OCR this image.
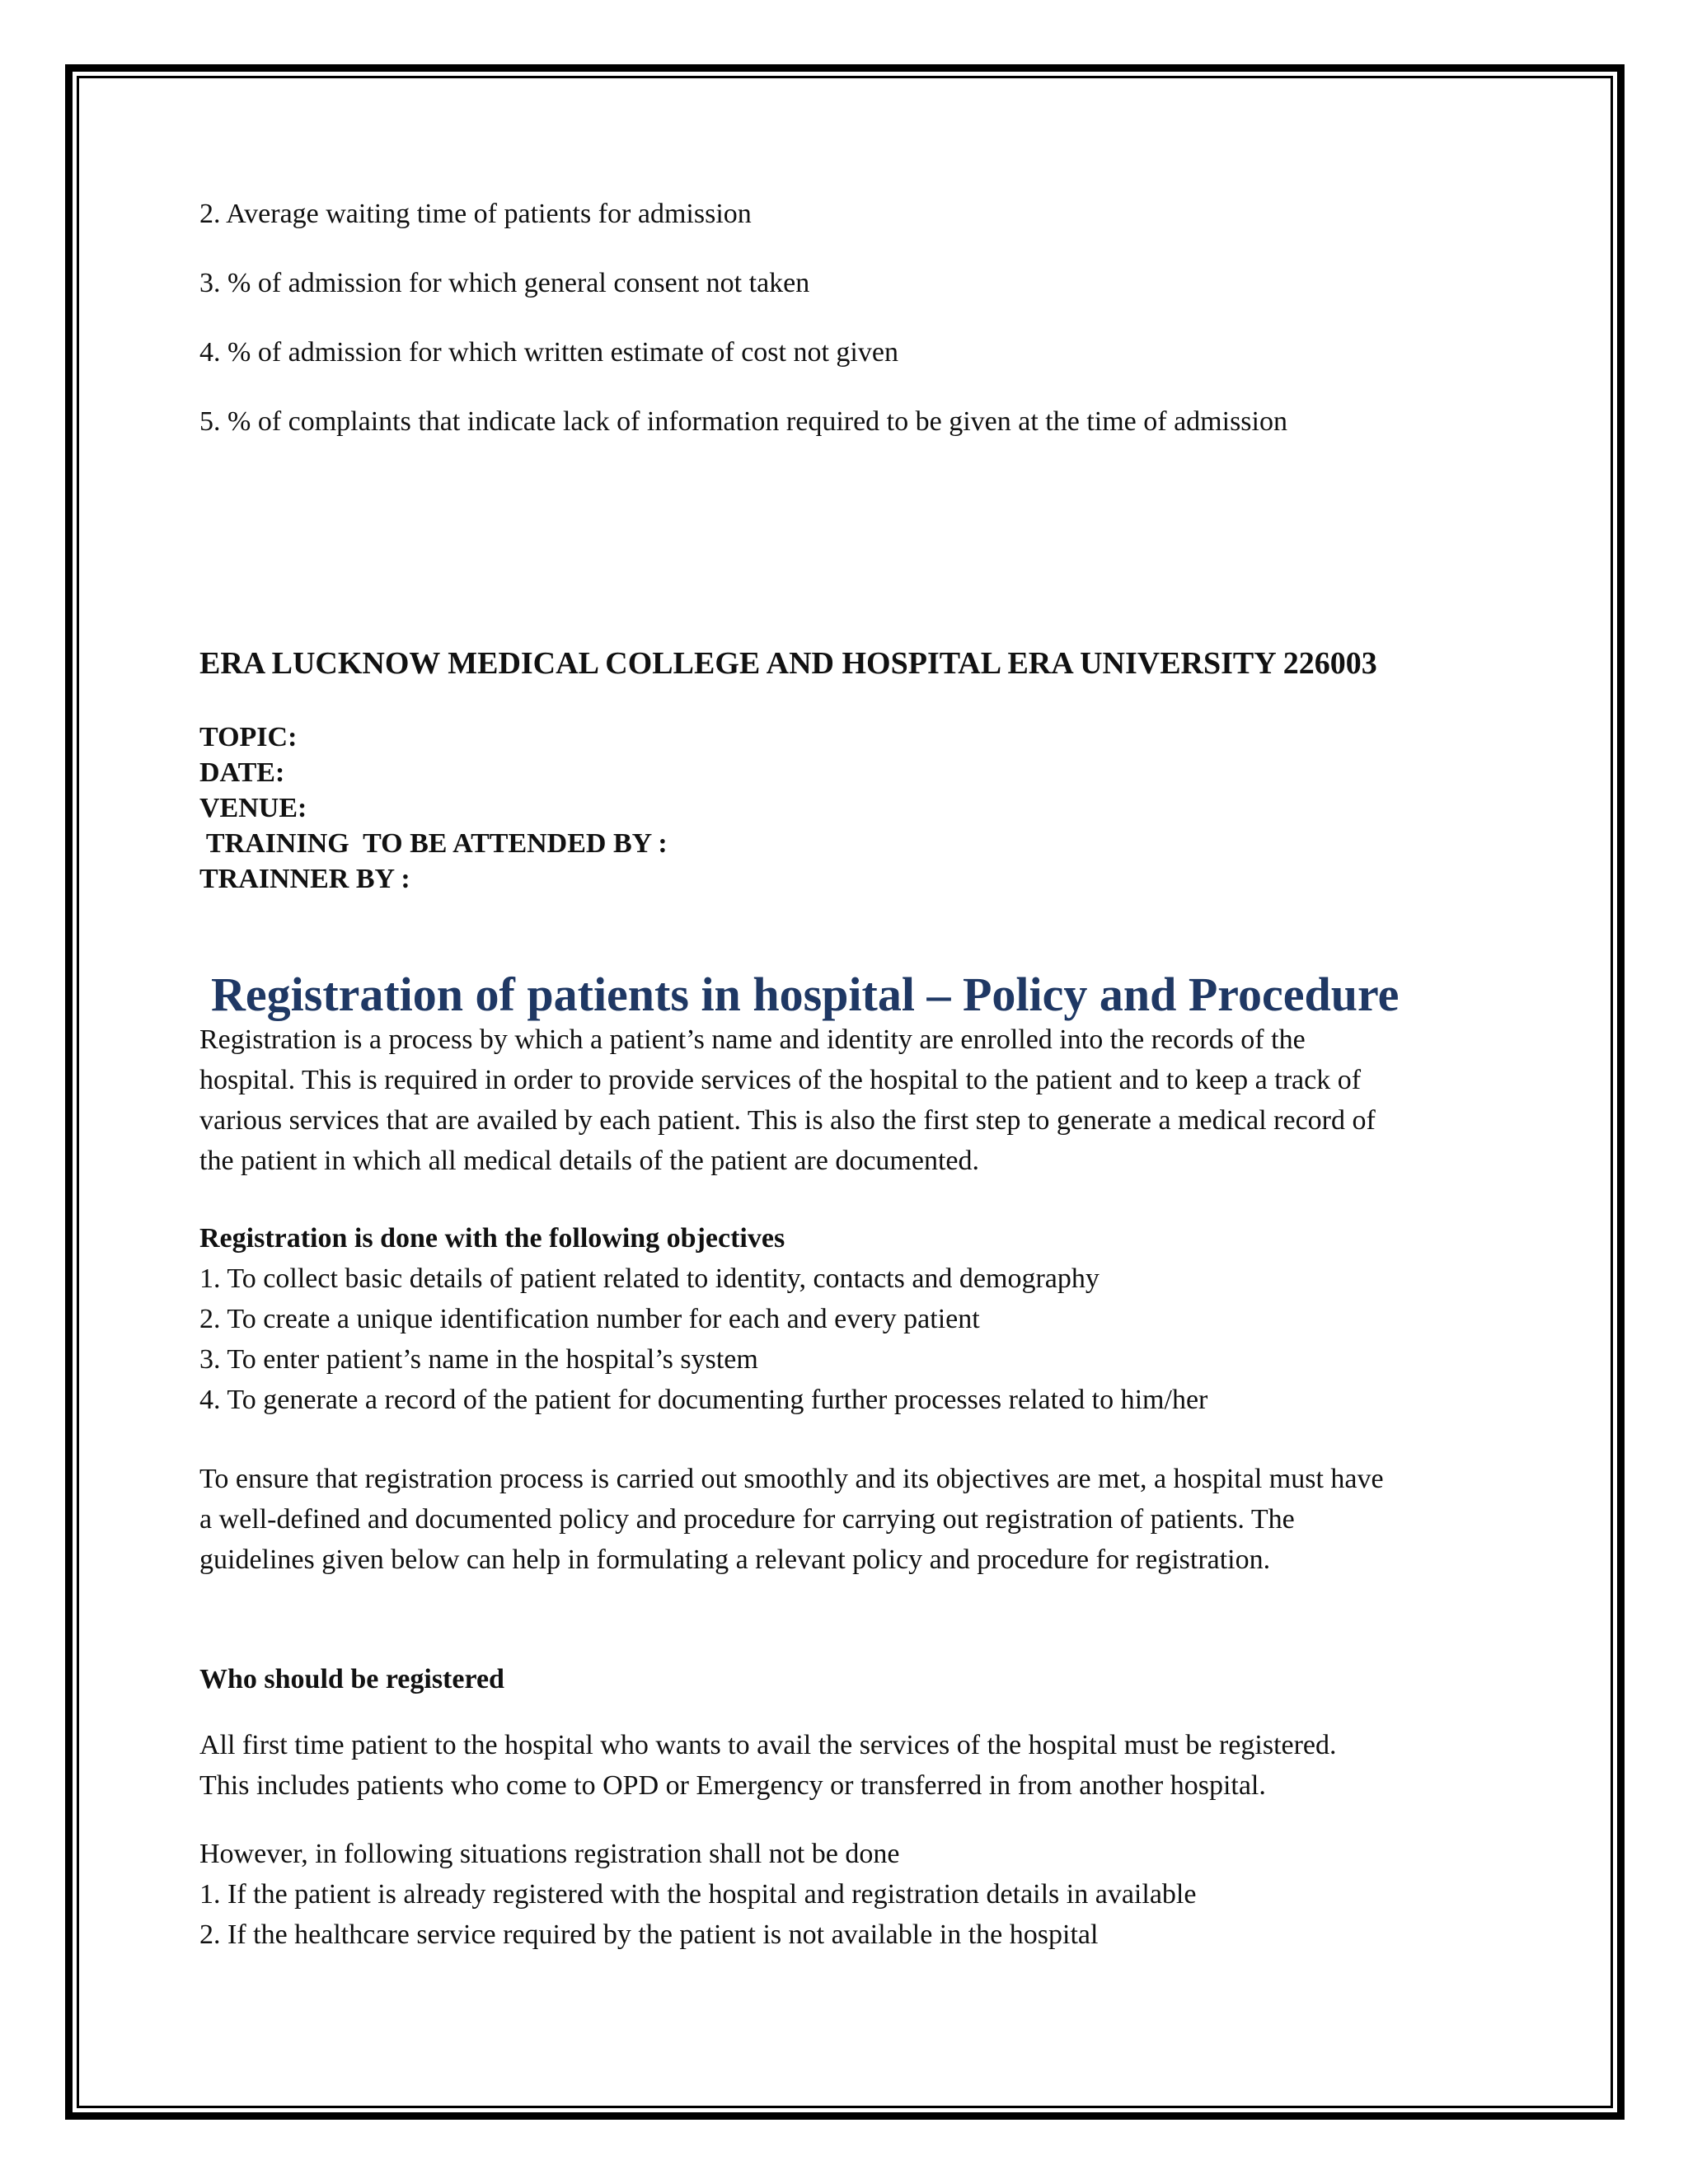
2. Average waiting time of patients for admission
3. % of admission for which general consent not taken
4. % of admission for which written estimate of cost not given
5. % of complaints that indicate lack of information required to be given at the time of admission
ERA LUCKNOW MEDICAL COLLEGE AND HOSPITAL ERA UNIVERSITY 226003
TOPIC:
DATE:
VENUE:
TRAINING  TO BE ATTENDED BY :
TRAINNER BY :
Registration of patients in hospital – Policy and Procedure
Registration is a process by which a patient’s name and identity are enrolled into the records of the
hospital. This is required in order to provide services of the hospital to the patient and to keep a track of
various services that are availed by each patient. This is also the first step to generate a medical record of
the patient in which all medical details of the patient are documented.
Registration is done with the following objectives
1. To collect basic details of patient related to identity, contacts and demography
2. To create a unique identification number for each and every patient
3. To enter patient’s name in the hospital’s system
4. To generate a record of the patient for documenting further processes related to him/her
To ensure that registration process is carried out smoothly and its objectives are met, a hospital must have
a well-defined and documented policy and procedure for carrying out registration of patients. The
guidelines given below can help in formulating a relevant policy and procedure for registration.
Who should be registered
All first time patient to the hospital who wants to avail the services of the hospital must be registered.
This includes patients who come to OPD or Emergency or transferred in from another hospital.
However, in following situations registration shall not be done
1. If the patient is already registered with the hospital and registration details in available
2. If the healthcare service required by the patient is not available in the hospital
